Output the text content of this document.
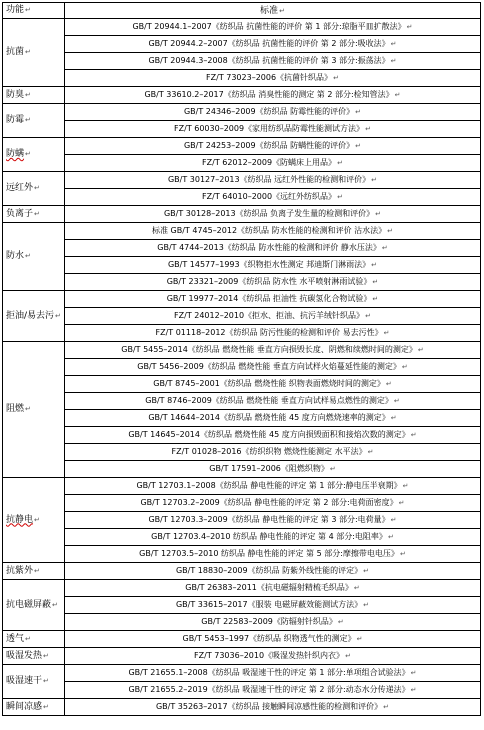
功能↵	标准↵
抗菌↵	GB/T 20944.1–2007《纺织品 抗菌性能的评价 第 1 部分:琼脂平皿扩散法》↵
	GB/T 20944.2–2007《纺织品 抗菌性能的评价 第 2 部分:吸收法》↵
	GB/T 20944.3–2008《纺织品 抗菌性能的评价 第 3 部分:振荡法》↵
	FZ/T 73023–2006《抗菌针织品》↵
防臭↵	GB/T 33610.2–2017《纺织品 消臭性能的测定 第 2 部分:检知管法》↵
防霉↵	GB/T 24346–2009《纺织品 防霉性能的评价》↵
	FZ/T 60030–2009《家用纺织品防霉性能测试方法》↵
防螨↵	GB/T 24253–2009《纺织品 防螨性能的评价》↵
	FZ/T 62012–2009《防螨床上用品》↵
远红外↵	GB/T 30127–2013《纺织品 远红外性能的检测和评价》↵
	FZ/T 64010–2000《远红外纺织品》↵
负离子↵	GB/T 30128–2013《纺织品 负离子发生量的检测和评价》↵
防水↵	标准 GB/T 4745–2012《纺织品 防水性能的检测和评价 沾水法》↵
	GB/T 4744–2013《纺织品 防水性能的检测和评价 静水压法》↵
	GB/T 14577–1993《织物拒水性测定 邦迪斯门淋雨法》↵
	GB/T 23321–2009《纺织品 防水性 水平喷射淋雨试验》↵
拒油/易去污↵	GB/T 19977–2014《纺织品 拒油性 抗碳氢化合物试验》↵
	FZ/T 24012–2010《拒水、拒油、抗污羊绒针织品》↵
	FZ/T 01118–2012《纺织品 防污性能的检测和评价 易去污性》↵
阻燃↵	GB/T 5455–2014《纺织品 燃烧性能 垂直方向损毁长度、阴燃和续燃时间的测定》↵
	GB/T 5456–2009《纺织品 燃烧性能 垂直方向试样火焰蔓延性能的测定》↵
	GB/T 8745–2001《纺织品 燃烧性能 织物表面燃烧时间的测定》↵
	GB/T 8746–2009《纺织品 燃烧性能 垂直方向试样易点燃性的测定》↵
	GB/T 14644–2014《纺织品 燃烧性能 45 度方向燃烧速率的测定》↵
	GB/T 14645–2014《纺织品 燃烧性能 45 度方向损毁面积和接焰次数的测定》↵
	FZ/T 01028–2016《纺织织物 燃烧性能测定 水平法》↵
	GB/T 17591–2006《阻燃织物》↵
抗静电↵	GB/T 12703.1–2008《纺织品 静电性能的评定 第 1 部分:静电压半衰期》↵
	GB/T 12703.2–2009《纺织品 静电性能的评定 第 2 部分:电荷面密度》↵
	GB/T 12703.3–2009《纺织品 静电性能的评定 第 3 部分:电荷量》↵
	GB/T 12703.4–2010 纺织品 静电性能的评定 第 4 部分:电阻率》↵
	GB/T 12703.5–2010 纺织品 静电性能的评定 第 5 部分:摩擦带电电压》↵
抗紫外↵	GB/T 18830–2009《纺织品 防紫外线性能的评定》↵
抗电磁屏蔽↵	GB/T 26383–2011《抗电磁辐射精梳毛织品》↵
	GB/T 33615–2017《服装 电磁屏蔽效能测试方法》↵
	GB/T 22583–2009《防辐射针织品》↵
透气↵	GB/T 5453–1997《纺织品 织物透气性的测定》↵
吸湿发热↵	FZ/T 73036–2010《吸湿发热针织内衣》↵
吸湿速干↵	GB/T 21655.1–2008《纺织品 吸湿速干性的评定 第 1 部分:单项组合试验法》↵
	GB/T 21655.2–2019《纺织品 吸湿速干性的评定 第 2 部分:动态水分传递法》↵
瞬间凉感↵	GB/T 35263–2017《纺织品 接触瞬间凉感性能的检测和评价》↵
